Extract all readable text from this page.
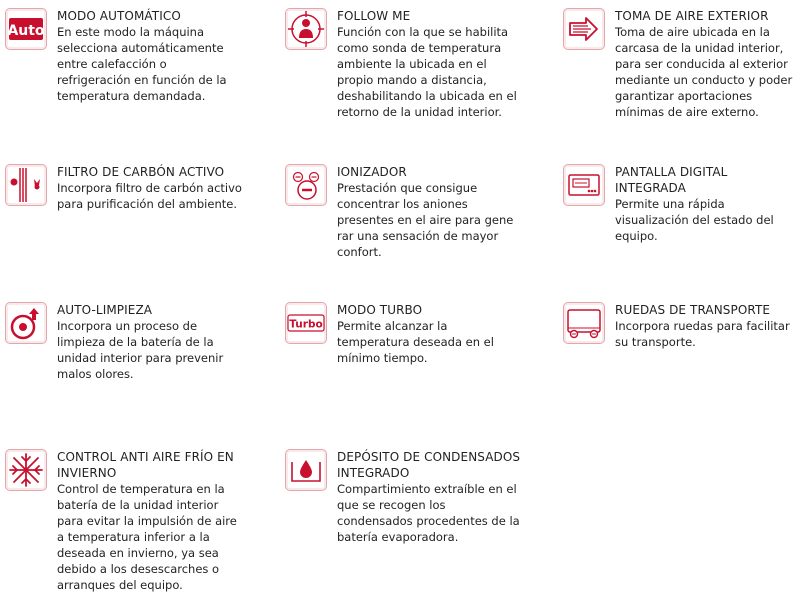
Auto
MODO AUTOMÁTICO
En este modo la máquina selecciona automáticamente entre calefacción o refrigeración en función de la temperatura demandada.
FOLLOW ME
Función con la que se habilita como sonda de temperatura ambiente la ubicada en el propio mando a distancia, deshabilitando la ubicada en el retorno de la unidad interior.
TOMA DE AIRE EXTERIOR
Toma de aire ubicada en la carcasa de la unidad interior, para ser conducida al exterior mediante un conducto y poder garantizar aportaciones mínimas de aire externo.
FILTRO DE CARBÓN ACTIVO
Incorpora filtro de carbón activo para purificación del ambiente.
IONIZADOR
Prestación que consigue concentrar los aniones presentes en el aire para gene rar una sensación de mayor confort.
PANTALLA DIGITAL INTEGRADA
Permite una rápida visualización del estado del equipo.
AUTO-LIMPIEZA
Incorpora un proceso de limpieza de la batería de la unidad interior para prevenir malos olores.
Turbo
MODO TURBO
Permite alcanzar la temperatura deseada en el mínimo tiempo.
RUEDAS DE TRANSPORTE
Incorpora ruedas para facilitar su transporte.
CONTROL ANTI AIRE FRÍO EN INVIERNO
Control de temperatura en la batería de la unidad interior para evitar la impulsión de aire a temperatura inferior a la deseada en invierno, ya sea debido a los desescarches o arranques del equipo.
DEPÓSITO DE CONDENSADOS INTEGRADO
Compartimiento extraíble en el que se recogen los condensados procedentes de la batería evaporadora.
